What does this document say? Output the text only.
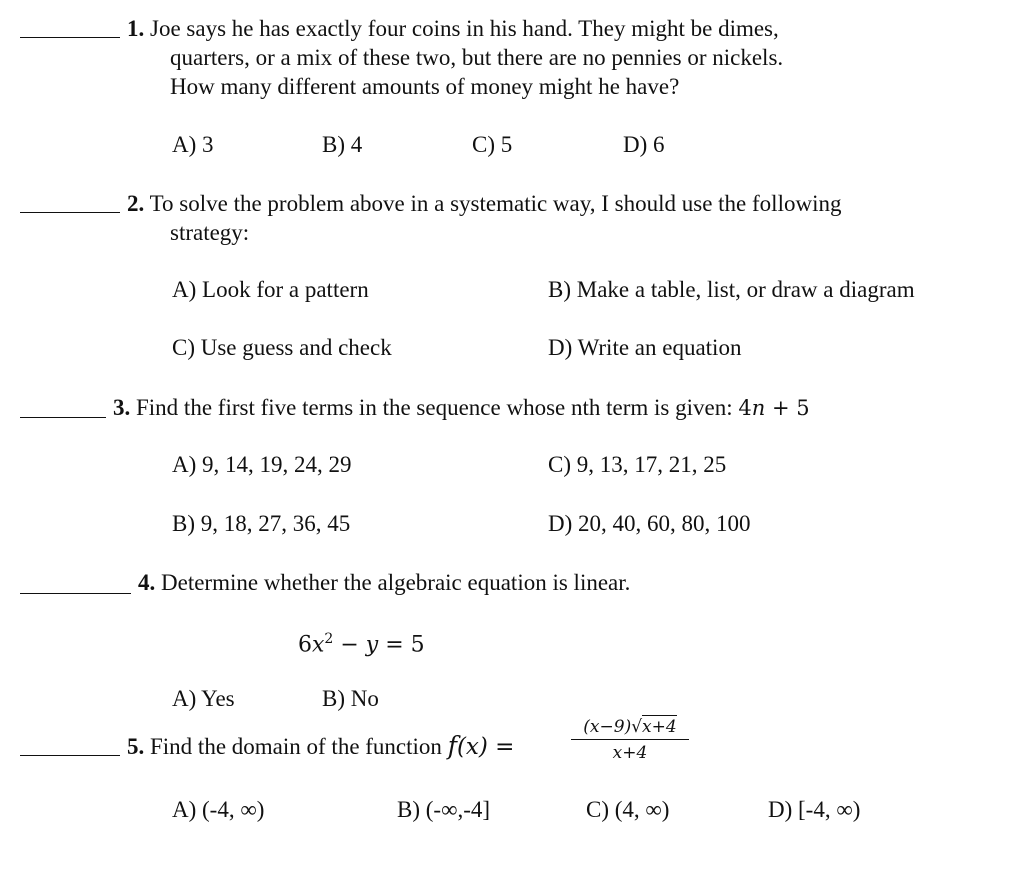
1. Joe says he has exactly four coins in his hand. They might be dimes,
quarters, or a mix of these two, but there are no pennies or nickels.
How many different amounts of money might he have?
A) 3	B) 4	C) 5	D) 6
2. To solve the problem above in a systematic way, I should use the following
strategy:
A) Look for a pattern	B) Make a table, list, or draw a diagram
C) Use guess and check	D) Write an equation
3. Find the first five terms in the sequence whose nth term is given: 4n + 5
A) 9, 14, 19, 24, 29	C) 9, 13, 17, 21, 25
B) 9, 18, 27, 36, 45	D) 20, 40, 60, 80, 100
4. Determine whether the algebraic equation is linear.
$6x^2 - y = 5$
A) Yes	B) No
5. Find the domain of the function f(x) =
(x−9)√x+4
x+4
A) (-4, ∞)	B) (-∞,-4]	C) (4, ∞)	D) [-4, ∞)
